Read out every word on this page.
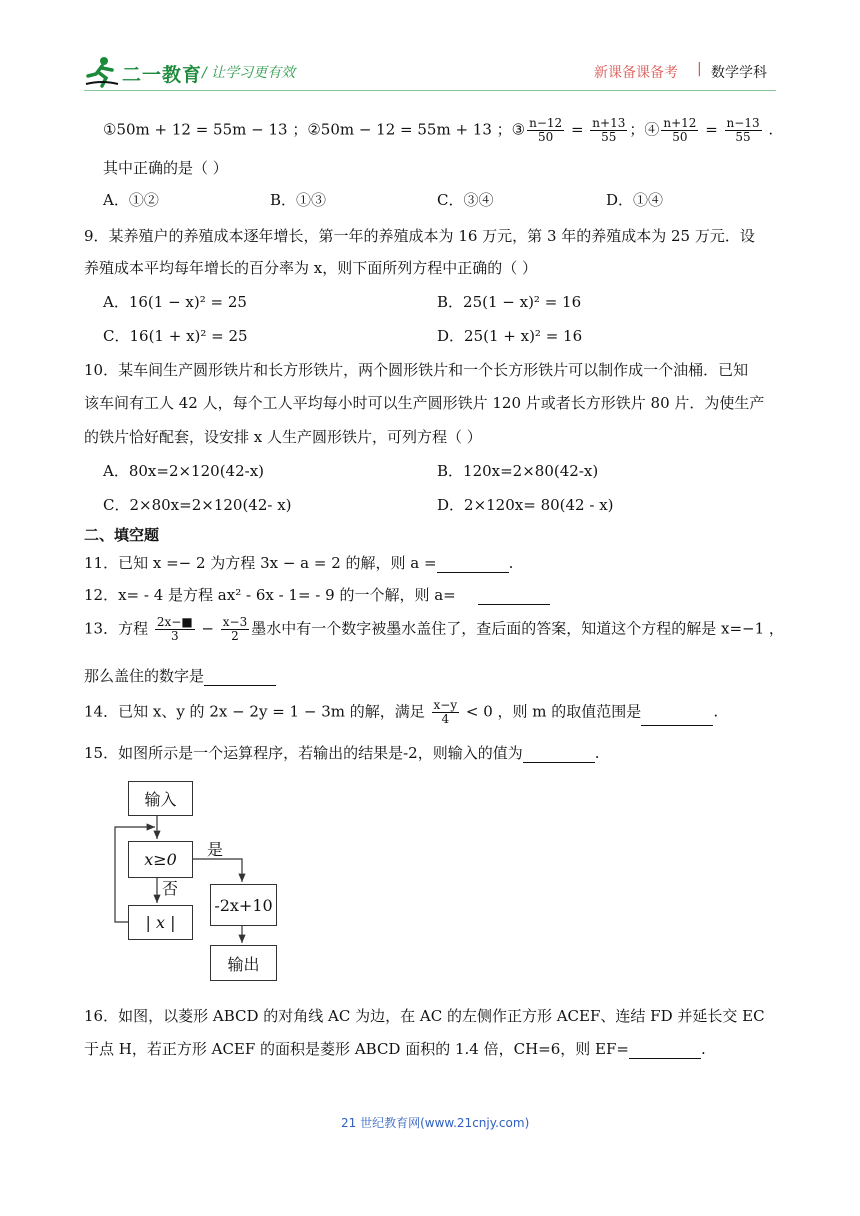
二一教育 / 让学习更有效	新课备课备考 | 数学学科
①50m + 12 = 55m − 13 ；②50m − 12 = 55m + 13 ；③ $\frac{n-12}{50} = \frac{n+13}{55}$ ；④ $\frac{n+12}{50} = \frac{n-13}{55}$ .
其中正确的是（ ）
A．①②	B．①③	C．③④	D．①④
9．某养殖户的养殖成本逐年增长，第一年的养殖成本为 16 万元，第 3 年的养殖成本为 25 万元．设
养殖成本平均每年增长的百分率为 x，则下面所列方程中正确的（ ）
A．16(1 − x)² = 25	B．25(1 − x)² = 16
C．16(1 + x)² = 25	D．25(1 + x)² = 16
10．某车间生产圆形铁片和长方形铁片，两个圆形铁片和一个长方形铁片可以制作成一个油桶．已知
该车间有工人 42 人，每个工人平均每小时可以生产圆形铁片 120 片或者长方形铁片 80 片．为使生产
的铁片恰好配套，设安排 x 人生产圆形铁片，可列方程（ ）
A．80x=2×120(42-x)	B．120x=2×80(42-x)
C．2×80x=2×120(42- x)	D．2×120x= 80(42 - x)
二、填空题
11．已知 x =− 2 为方程 3x − a = 2 的解，则 a =	.
12．x= - 4 是方程 ax² - 6x - 1= - 9 的一个解，则 a=
13．方程 $\frac{2x-■}{3} - \frac{x-3}{2}$ 墨水中有一个数字被墨水盖住了，查后面的答案，知道这个方程的解是 x=−1 ，
那么盖住的数字是
14．已知 x、y 的 2x − 2y = 1 − 3m 的解，满足 $\frac{x-y}{4} < 0$ ，则 m 的取值范围是	.
15．如图所示是一个运算程序，若输出的结果是-2，则输入的值为	.
输入
x≥0
是
否
| x |
-2x+10
输出
16．如图，以菱形 ABCD 的对角线 AC 为边，在 AC 的左侧作正方形 ACEF、连结 FD 并延长交 EC
于点 H，若正方形 ACEF 的面积是菱形 ABCD 面积的 1.4 倍，CH=6，则 EF=	.
21 世纪教育网(www.21cnjy.com)
